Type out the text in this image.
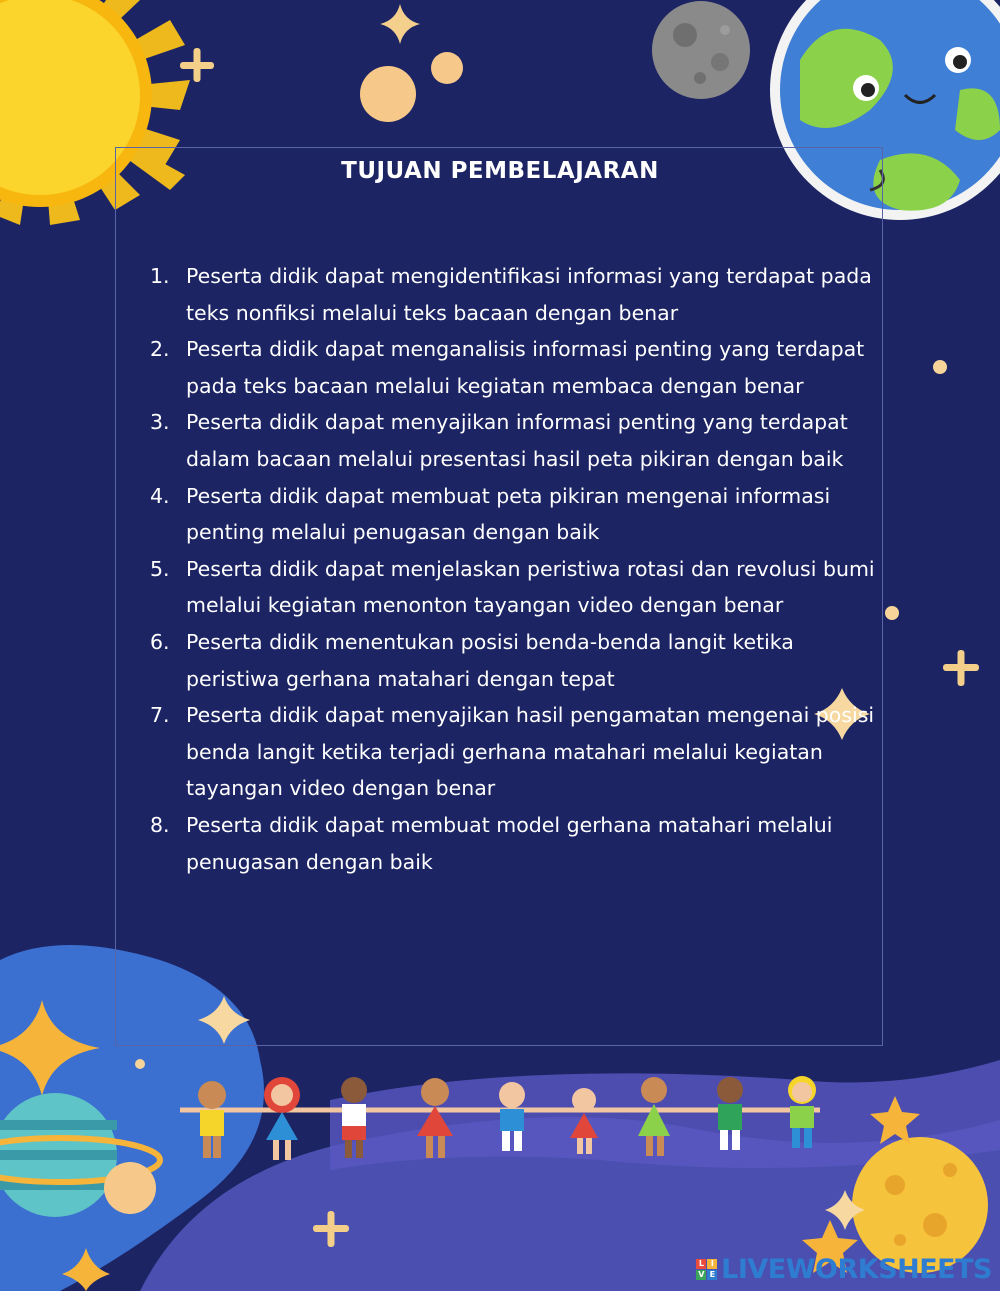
TUJUAN PEMBELAJARAN
1. Peserta didik dapat mengidentifikasi informasi yang terdapat pada teks nonfiksi melalui teks bacaan dengan benar
2. Peserta didik dapat menganalisis informasi penting yang terdapat pada teks bacaan melalui kegiatan membaca dengan benar
3. Peserta didik dapat menyajikan informasi penting yang terdapat dalam bacaan melalui presentasi hasil peta pikiran dengan baik
4. Peserta didik dapat membuat peta pikiran mengenai informasi penting melalui penugasan dengan baik
5. Peserta didik dapat menjelaskan peristiwa rotasi dan revolusi bumi melalui kegiatan menonton tayangan video dengan benar
6. Peserta didik menentukan posisi benda-benda langit ketika peristiwa gerhana matahari dengan tepat
7. Peserta didik dapat menyajikan hasil pengamatan mengenai posisi benda langit ketika terjadi gerhana matahari melalui kegiatan tayangan video dengan benar
8. Peserta didik dapat membuat model gerhana matahari melalui penugasan dengan baik
L I
V E LIVEWORKSHEETS
